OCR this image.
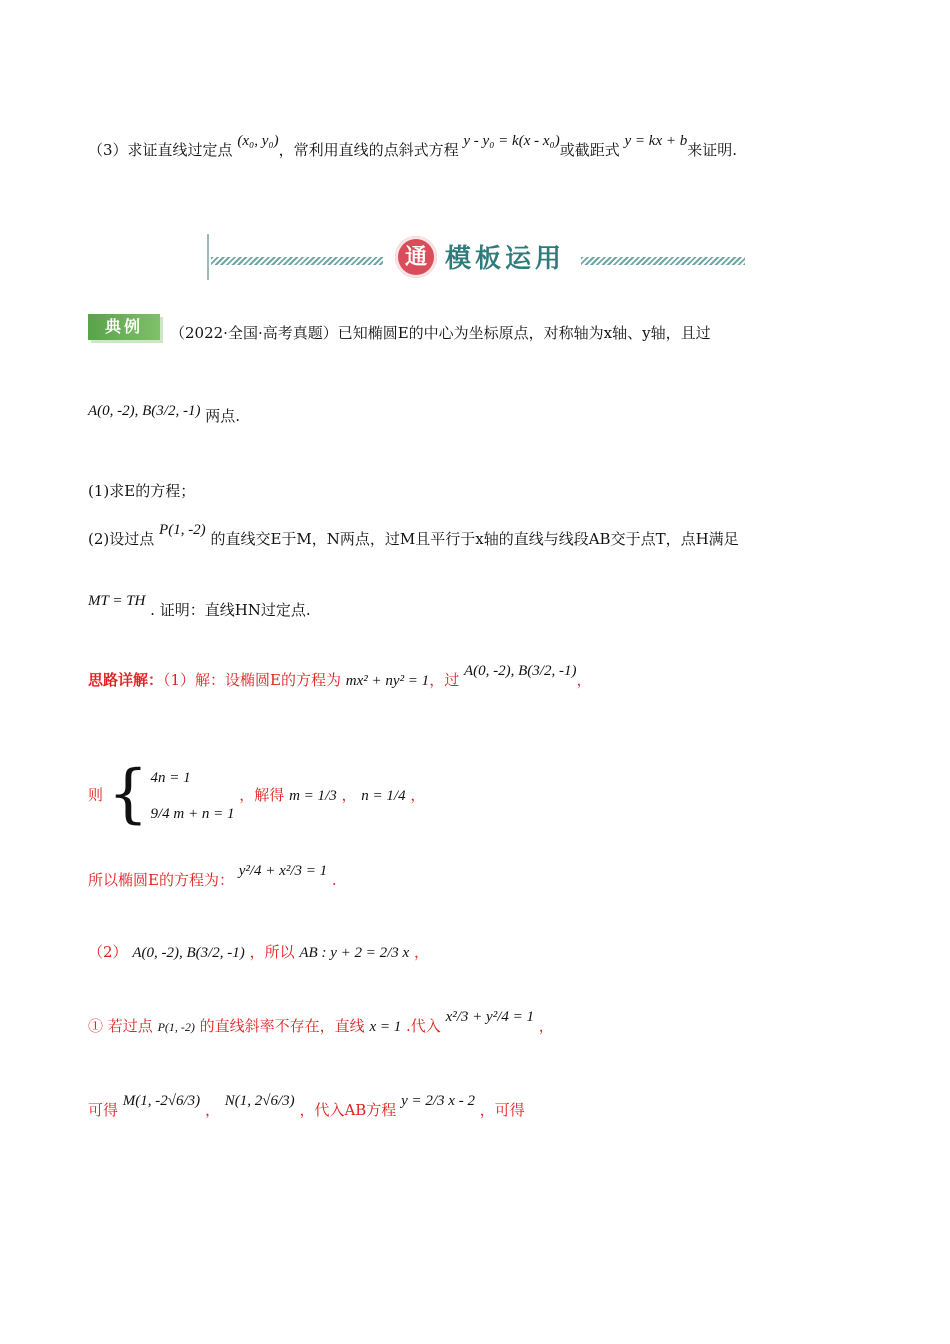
（3）求证直线过定点 (x₀, y₀)，常利用直线的点斜式方程 y - y₀ = k(x - x₀)或截距式 y = kx + b来证明.
通 模板运用
典例	（2022·全国·高考真题）已知椭圆E的中心为坐标原点，对称轴为x轴、y轴，且过
A(0, -2), B(3/2, -1) 两点.
(1)求E的方程；
(2)设过点 P(1, -2) 的直线交E于M，N两点，过M且平行于x轴的直线与线段AB交于点T，点H满足
MT = TH . 证明：直线HN过定点.
思路详解：（1）解：设椭圆E的方程为 mx² + ny² = 1，过 A(0, -2), B(3/2, -1)，
则 { 4n = 1
9/4 m + n = 1
，解得 m = 1/3 ， n = 1/4 ，
所以椭圆E的方程为： y²/4 + x²/3 = 1 .
（2） A(0, -2), B(3/2, -1) ，所以 AB : y + 2 = 2/3 x ，
① 若过点 P(1, -2) 的直线斜率不存在，直线 x = 1 .代入 x²/3 + y²/4 = 1 ，
可得 M(1, -2√6/3) ， N(1, 2√6/3) ，代入AB方程 y = 2/3 x - 2 ，可得
